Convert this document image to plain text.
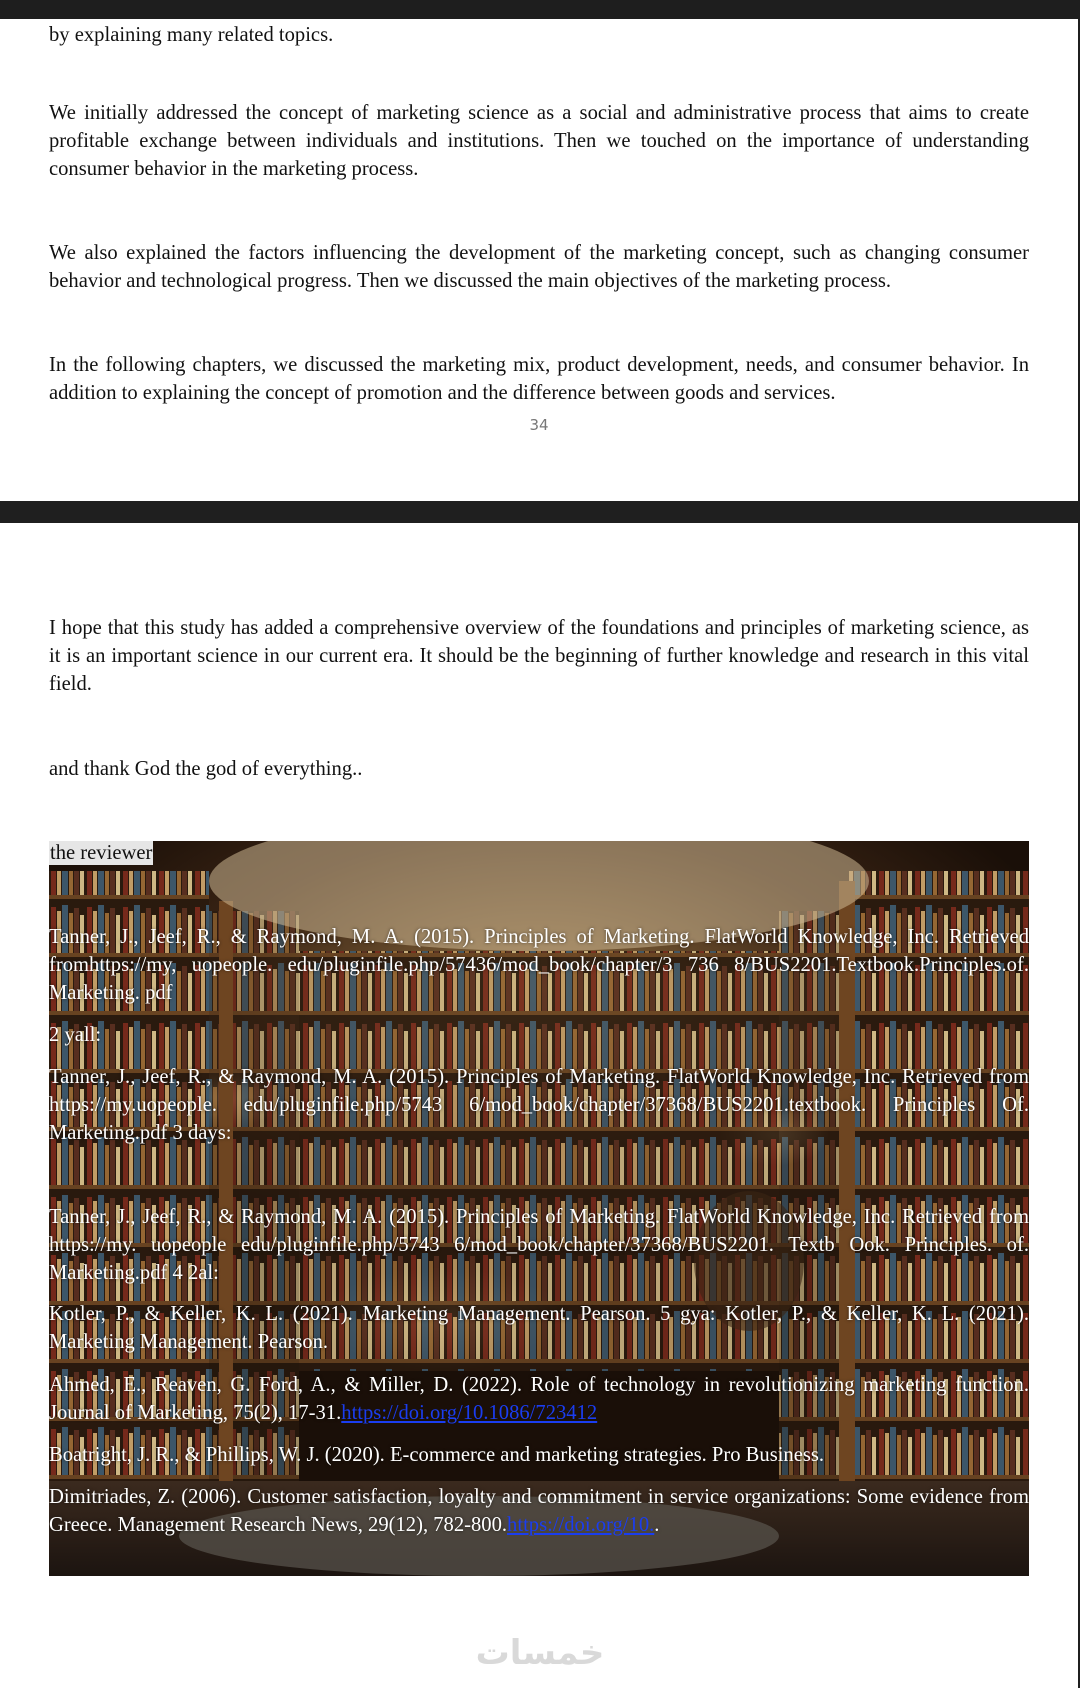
by explaining many related topics.

We initially addressed the concept of marketing science as a social and administrative process that aims to create profitable exchange between individuals and institutions. Then we touched on the importance of understanding consumer behavior in the marketing process.

We also explained the factors influencing the development of the marketing concept, such as changing consumer behavior and technological progress. Then we discussed the main objectives of the marketing process.

In the following chapters, we discussed the marketing mix, product development, needs, and consumer behavior. In addition to explaining the concept of promotion and the difference between goods and services.

34

I hope that this study has added a comprehensive overview of the foundations and principles of marketing science, as it is an important science in our current era. It should be the beginning of further knowledge and research in this vital field.

and thank God the god of everything..

the reviewer

Tanner, J., Jeef, R., & Raymond, M. A. (2015). Principles of Marketing. FlatWorld Knowledge, Inc. Retrieved fromhttps://my, uopeople. edu/pluginfile.php/57436/mod_book/chapter/3 736 8/BUS2201.Textbook.Principles.of. Marketing. pdf

2 yall:

Tanner, J., Jeef, R., & Raymond, M. A. (2015). Principles of Marketing. FlatWorld Knowledge, Inc. Retrieved from https://my.uopeople. edu/pluginfile.php/5743 6/mod_book/chapter/37368/BUS2201.textbook. Principles Of. Marketing.pdf 3 days:

Tanner, J., Jeef, R., & Raymond, M. A. (2015). Principles of Marketing. FlatWorld Knowledge, Inc. Retrieved from https://my. uopeople edu/pluginfile.php/5743 6/mod_book/chapter/37368/BUS2201. Textb Ook. Principles. of. Marketing.pdf 4 2al:

Kotler, P., & Keller, K. L. (2021). Marketing Management. Pearson. 5 gya: Kotler, P., & Keller, K. L. (2021). Marketing Management. Pearson.

Ahmed, E., Reaven, G. Ford, A., & Miller, D. (2022). Role of technology in revolutionizing marketing function. Journal of Marketing, 75(2), 17-31.https://doi.org/10.1086/723412

Boatright, J. R., & Phillips, W. J. (2020). E-commerce and marketing strategies. Pro Business.

Dimitriades, Z. (2006). Customer satisfaction, loyalty and commitment in service organizations: Some evidence from Greece. Management Research News, 29(12), 782-800.https://doi.org/10..

خمسات
